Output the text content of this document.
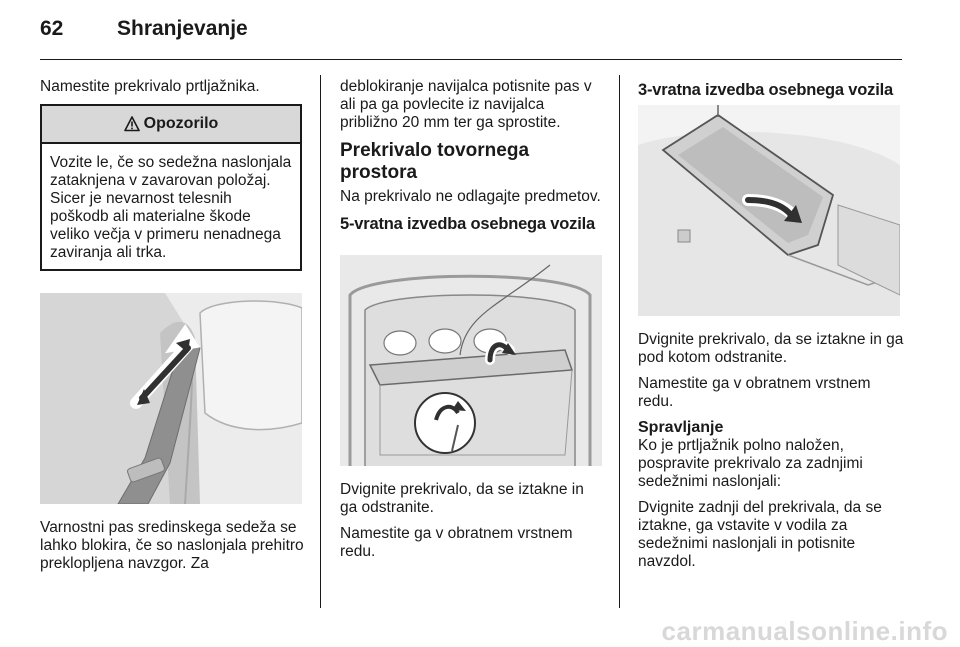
62	Shranjevanje

Namestite prekrivalo prtljažnika.

Opozorilo
Vozite le, če so sedežna naslonjala zataknjena v zavarovan položaj. Sicer je nevarnost telesnih poškodb ali materialne škode veliko večja v primeru nenadnega zaviranja ali trka.

Varnostni pas sredinskega sedeža se lahko blokira, če so naslonjala prehitro preklopljena navzgor. Za

deblokiranje navijalca potisnite pas v ali pa ga povlecite iz navijalca približno 20 mm ter ga sprostite.

Prekrivalo tovornega prostora

Na prekrivalo ne odlagajte predmetov.

5-vratna izvedba osebnega vozila

Dvignite prekrivalo, da se iztakne in ga odstranite.

Namestite ga v obratnem vrstnem redu.

3-vratna izvedba osebnega vozila

Dvignite prekrivalo, da se iztakne in ga pod kotom odstranite.

Namestite ga v obratnem vrstnem redu.

Spravljanje

Ko je prtljažnik polno naložen, pospravite prekrivalo za zadnjimi sedežnimi naslonjali:

Dvignite zadnji del prekrivala, da se iztakne, ga vstavite v vodila za sedežnimi naslonjali in potisnite navzdol.

carmanualsonline.info
